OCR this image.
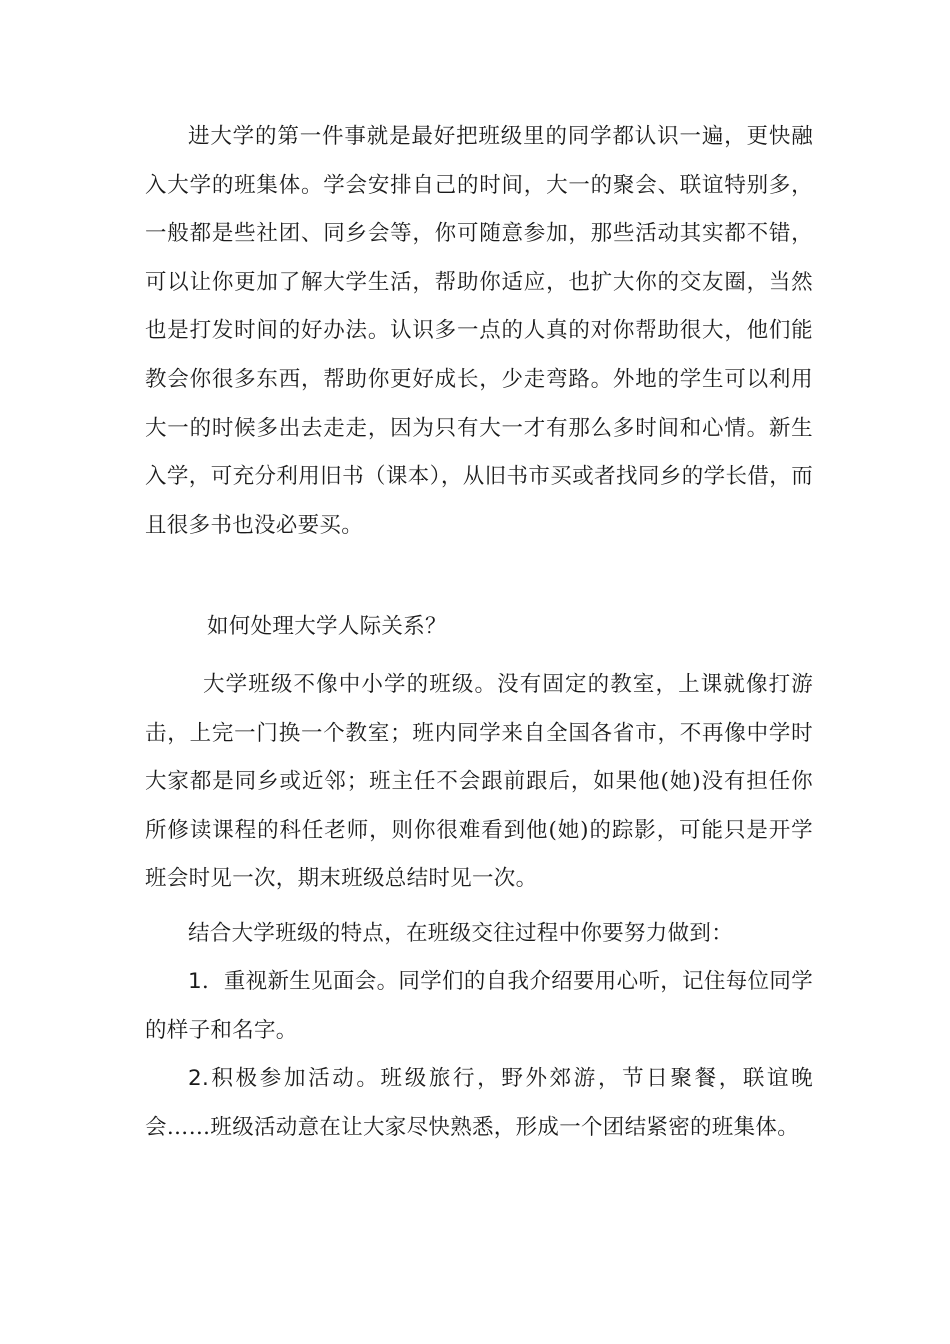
进大学的第一件事就是最好把班级里的同学都认识一遍，更快融入大学的班集体。学会安排自己的时间，大一的聚会、联谊特别多，一般都是些社团、同乡会等，你可随意参加，那些活动其实都不错，可以让你更加了解大学生活，帮助你适应，也扩大你的交友圈，当然也是打发时间的好办法。认识多一点的人真的对你帮助很大，他们能教会你很多东西，帮助你更好成长，少走弯路。外地的学生可以利用大一的时候多出去走走，因为只有大一才有那么多时间和心情。新生入学，可充分利用旧书（课本），从旧书市买或者找同乡的学长借，而且很多书也没必要买。

如何处理大学人际关系？

大学班级不像中小学的班级。没有固定的教室，上课就像打游击，上完一门换一个教室；班内同学来自全国各省市，不再像中学时大家都是同乡或近邻；班主任不会跟前跟后，如果他(她)没有担任你所修读课程的科任老师，则你很难看到他(她)的踪影，可能只是开学班会时见一次，期末班级总结时见一次。

结合大学班级的特点，在班级交往过程中你要努力做到：

1．重视新生见面会。同学们的自我介绍要用心听，记住每位同学的样子和名字。

2.积极参加活动。班级旅行，野外郊游，节日聚餐，联谊晚会……班级活动意在让大家尽快熟悉，形成一个团结紧密的班集体。
